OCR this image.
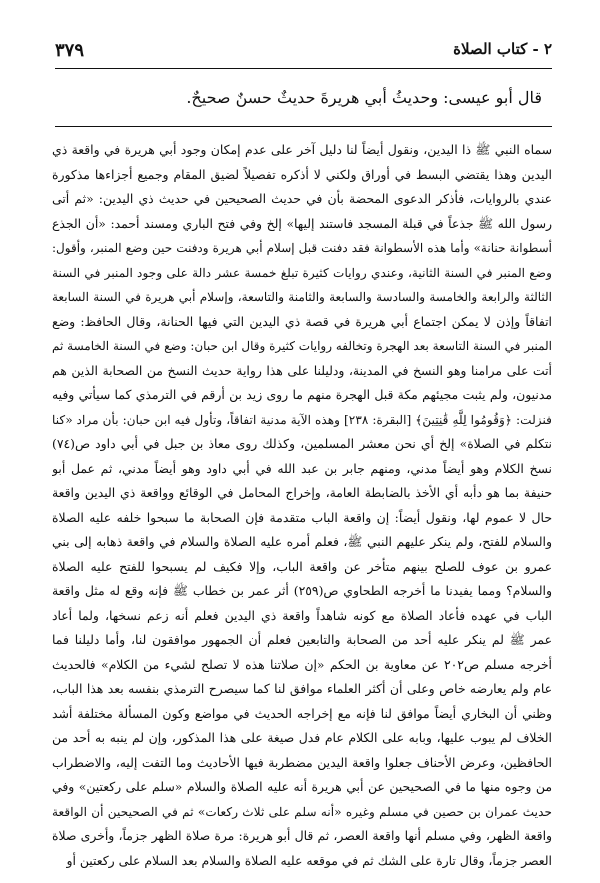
٣٧٩	٢ - كتاب الصلاة
قال أبو عيسى: وحديثُ أبي هريرةَ حديثٌ حسنٌ صحيحٌ.
سماه النبي ﷺ ذا اليدين، ونقول أيضاً لنا دليل آخر على عدم إمكان وجود أبي هريرة في واقعة ذي
اليدين وهذا يقتضي البسط في أوراق ولكني لا أذكره تفصيلاً لضيق المقام وجميع أجزاءها مذكورة
عندي بالروايات، فأذكر الدعوى المحضة بأن في حديث الصحيحين في حديث ذي اليدين: «ثم أتى
رسول الله ﷺ جذعاً في قبلة المسجد فاستند إليها» إلخ وفي فتح الباري ومسند أحمد: «أن الجذع
أسطوانة حنانة» وأما هذه الأسطوانة فقد دفنت قبل إسلام أبي هريرة ودفنت حين وضع المنبر، وأقول:
وضع المنبر في السنة الثانية، وعندي روايات كثيرة تبلغ خمسة عشر دالة على وجود المنبر في السنة
الثالثة والرابعة والخامسة والسادسة والسابعة والثامنة والتاسعة، وإسلام أبي هريرة في السنة السابعة
اتفاقاً وإذن لا يمكن اجتماع أبي هريرة في قصة ذي اليدين التي فيها الحنانة، وقال الحافظ: وضع
المنبر في السنة التاسعة بعد الهجرة وتخالفه روايات كثيرة وقال ابن حبان: وضع في السنة الخامسة ثم
أتت على مرامنا وهو النسخ في المدينة، ودليلنا على هذا رواية حديث النسخ من الصحابة الذين هم
مدنيون، ولم يثبت مجيئهم مكة قبل الهجرة منهم ما روى زيد بن أرقم في الترمذي كما سيأتي وفيه
فنزلت: ﴿وَقُومُوا لِلَّهِ قَٰنِتِينَ﴾ [البقرة: ٢٣٨] وهذه الآية مدنية اتفاقاً، وتأول فيه ابن حبان: بأن مراد «كنا
نتكلم في الصلاة» إلخ أي نحن معشر المسلمين، وكذلك روى معاذ بن جبل في أبي داود ص(٧٤)
نسخ الكلام وهو أيضاً مدني، ومنهم جابر بن عبد الله في أبي داود وهو أيضاً مدني، ثم عمل أبو
حنيفة بما هو دأبه أي الأخذ بالضابطة العامة، وإخراج المحامل في الوقائع وواقعة ذي اليدين واقعة
حال لا عموم لها، ونقول أيضاً: إن واقعة الباب متقدمة فإن الصحابة ما سبحوا خلفه عليه الصلاة
والسلام للفتح، ولم ينكر عليهم النبي ﷺ، فعلم أمره عليه الصلاة والسلام في واقعة ذهابه إلى بني
عمرو بن عوف للصلح بينهم متأخر عن واقعة الباب، وإلا فكيف لم يسبحوا للفتح عليه الصلاة
والسلام؟ ومما يفيدنا ما أخرجه الطحاوي ص(٢٥٩) أثر عمر بن خطاب ﷺ فإنه وقع له مثل واقعة
الباب في عهده فأعاد الصلاة مع كونه شاهداً واقعة ذي اليدين فعلم أنه زعم نسخها، ولما أعاد
عمر ﷺ لم ينكر عليه أحد من الصحابة والتابعين فعلم أن الجمهور موافقون لنا، وأما دليلنا فما
أخرجه مسلم ص٢٠٢ عن معاوية بن الحكم «إن صلاتنا هذه لا تصلح لشيء من الكلام» فالحديث
عام ولم يعارضه خاص وعلى أن أكثر العلماء موافق لنا كما سيصرح الترمذي بنفسه بعد هذا الباب،
وظني أن البخاري أيضاً موافق لنا فإنه مع إخراجه الحديث في مواضع وكون المسألة مختلفة أشد
الخلاف لم يبوب عليها، وبابه على الكلام عام فدل صيغة على هذا المذكور، وإن لم ينبه به أحد من
الحافظين، وعرض الأحناف جعلوا واقعة اليدين مضطربة فيها الأحاديث وما التفت إليه، والاضطراب
من وجوه منها ما في الصحيحين عن أبي هريرة أنه عليه الصلاة والسلام «سلم على ركعتين» وفي
حديث عمران بن حصين في مسلم وغيره «أنه سلم على ثلاث ركعات» ثم في الصحيحين أن الواقعة
واقعة الظهر، وفي مسلم أنها واقعة العصر، ثم قال أبو هريرة: مرة صلاة الظهر جزماً، وأخرى صلاة
العصر جزماً، وقال تارة على الشك ثم في موقعه عليه الصلاة والسلام بعد السلام على ركعتين أو
